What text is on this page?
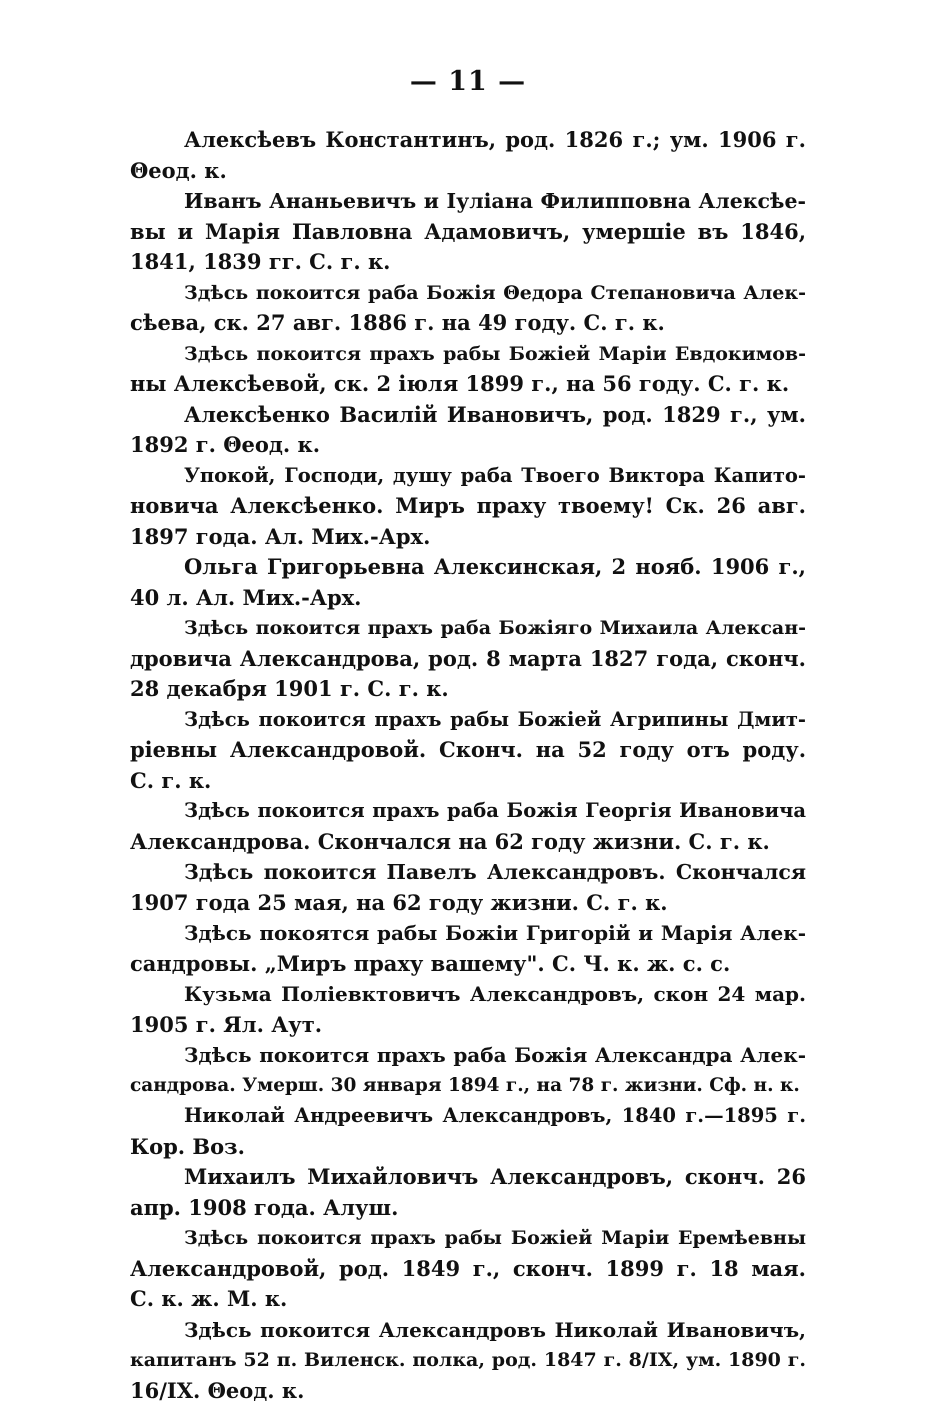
— 11 —
Алексѣевъ Константинъ, род. 1826 г.; ум. 1906 г.
Θеод. к.
Иванъ Ананьевичъ и Іуліана Филипповна Алексѣе-
вы и Марія Павловна Адамовичъ, умершіе въ 1846,
1841, 1839 гг. С. г. к.
Здѣсь покоится раба Божія Θедора Степановича Алек-
сѣева, ск. 27 авг. 1886 г. на 49 году. С. г. к.
Здѣсь покоится прахъ рабы Божіей Маріи Евдокимов-
ны Алексѣевой, ск. 2 іюля 1899 г., на 56 году. С. г. к.
Алексѣенко Василій Ивановичъ, род. 1829 г., ум.
1892 г. Θеод. к.
Упокой, Господи, душу раба Твоего Виктора Капито-
новича Алексѣенко. Миръ праху твоему! Ск. 26 авг.
1897 года. Ал. Мих.-Арх.
Ольга Григорьевна Алексинская, 2 нояб. 1906 г.,
40 л. Ал. Мих.-Арх.
Здѣсь покоится прахъ раба Божіяго Михаила Алексан-
дровича Александрова, род. 8 марта 1827 года, сконч.
28 декабря 1901 г. С. г. к.
Здѣсь покоится прахъ рабы Божіей Агрипины Дмит-
ріевны Александровой. Сконч. на 52 году отъ роду.
С. г. к.
Здѣсь покоится прахъ раба Божія Георгія Ивановича
Александрова. Скончался на 62 году жизни. С. г. к.
Здѣсь покоится Павелъ Александровъ. Скончался
1907 года 25 мая, на 62 году жизни. С. г. к.
Здѣсь покоятся рабы Божіи Григорій и Марія Алек-
сандровы. „Миръ праху вашему". С. Ч. к. ж. с. с.
Кузьма Поліевктовичъ Александровъ, скон 24 мар.
1905 г. Ял. Аут.
Здѣсь покоится прахъ раба Божія Александра Алек-
сандрова. Умерш. 30 января 1894 г., на 78 г. жизни. Сф. н. к.
Николай Андреевичъ Александровъ, 1840 г.—1895 г.
Кор. Воз.
Михаилъ Михайловичъ Александровъ, сконч. 26
апр. 1908 года. Алуш.
Здѣсь покоится прахъ рабы Божіей Маріи Еремѣевны
Александровой, род. 1849 г., сконч. 1899 г. 18 мая.
С. к. ж. М. к.
Здѣсь покоится Александровъ Николай Ивановичъ,
капитанъ 52 п. Виленск. полка, род. 1847 г. 8/IX, ум. 1890 г.
16/IX. Θеод. к.
